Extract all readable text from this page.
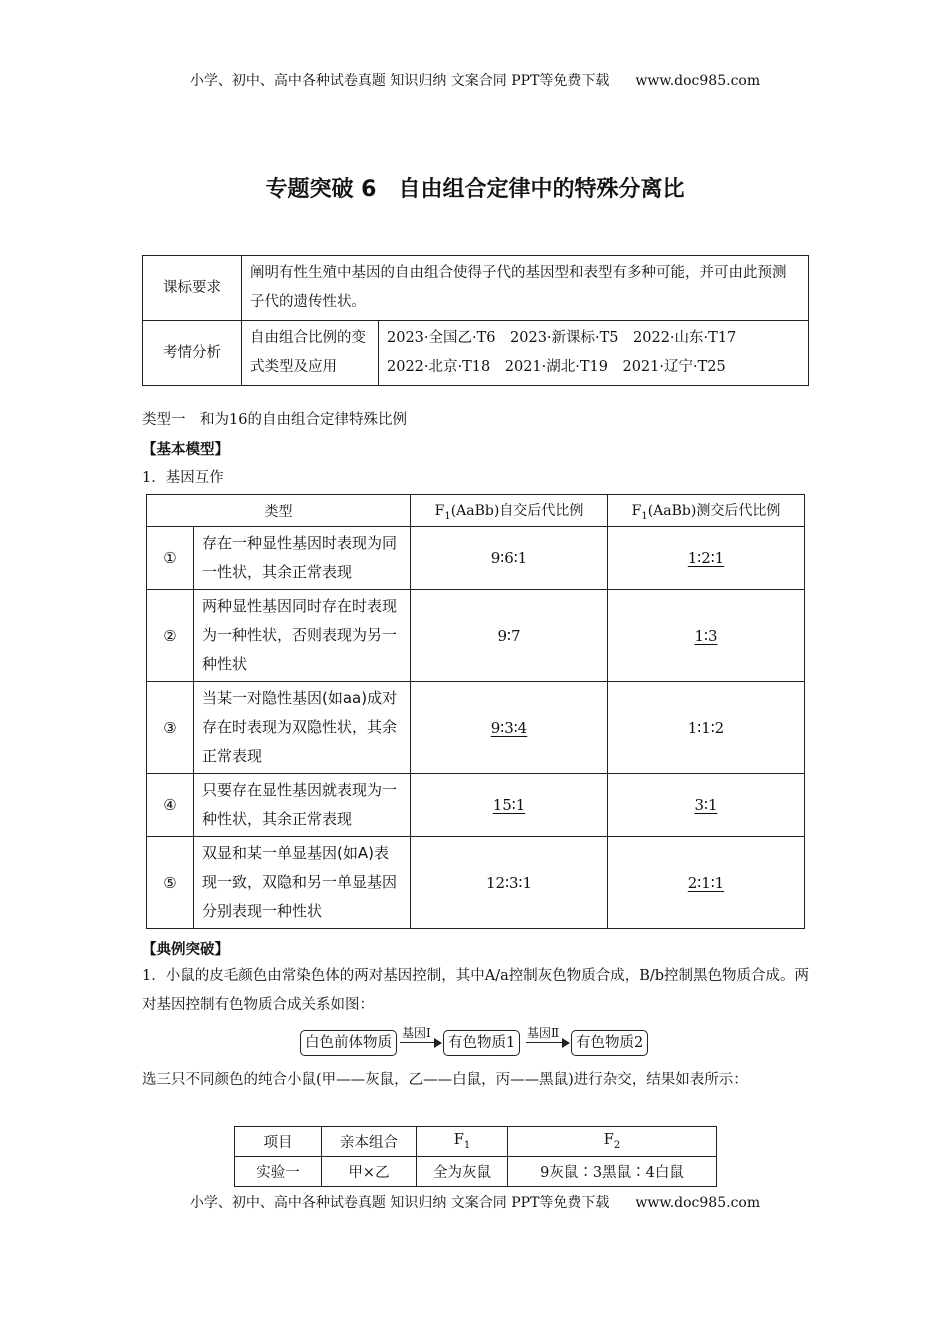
小学、初中、高中各种试卷真题 知识归纳 文案合同 PPT等免费下载 www.doc985.com
专题突破 6　自由组合定律中的特殊分离比
课标要求	阐明有性生殖中基因的自由组合使得子代的基因型和表型有多种可能，并可由此预测子代的遗传性状。	
考情分析	自由组合比例的变式类型及应用	2023·全国乙·T6　2023·新课标·T5　2022·山东·T17
2022·北京·T18　2021·湖北·T19　2021·辽宁·T25
类型一　和为16的自由组合定律特殊比例
【基本模型】
1．基因互作
类型		$F_1(AaBb)$自交后代比例	$F_1(AaBb)$测交后代比例
①	存在一种显性基因时表现为同一性状，其余正常表现	9∶6∶1	1∶2∶1
②	两种显性基因同时存在时表现为一种性状，否则表现为另一种性状	9∶7	1∶3
③	当某一对隐性基因(如aa)成对存在时表现为双隐性状，其余正常表现	9∶3∶4	1∶1∶2
④	只要存在显性基因就表现为一种性状，其余正常表现	15∶1	3∶1
⑤	双显和某一单显基因(如A)表现一致，双隐和另一单显基因分别表现一种性状	12∶3∶1	2∶1∶1
【典例突破】
1．小鼠的皮毛颜色由常染色体的两对基因控制，其中A/a控制灰色物质合成，B/b控制黑色物质合成。两对基因控制有色物质合成关系如图：
白色前体物质
基因Ⅰ
有色物质1
基因Ⅱ
有色物质2
选三只不同颜色的纯合小鼠(甲——灰鼠，乙——白鼠，丙——黑鼠)进行杂交，结果如表所示：
项目	亲本组合	$F_1$	$F_2$
实验一	甲×乙	全为灰鼠	9灰鼠∶3黑鼠∶4白鼠
小学、初中、高中各种试卷真题 知识归纳 文案合同 PPT等免费下载 www.doc985.com
